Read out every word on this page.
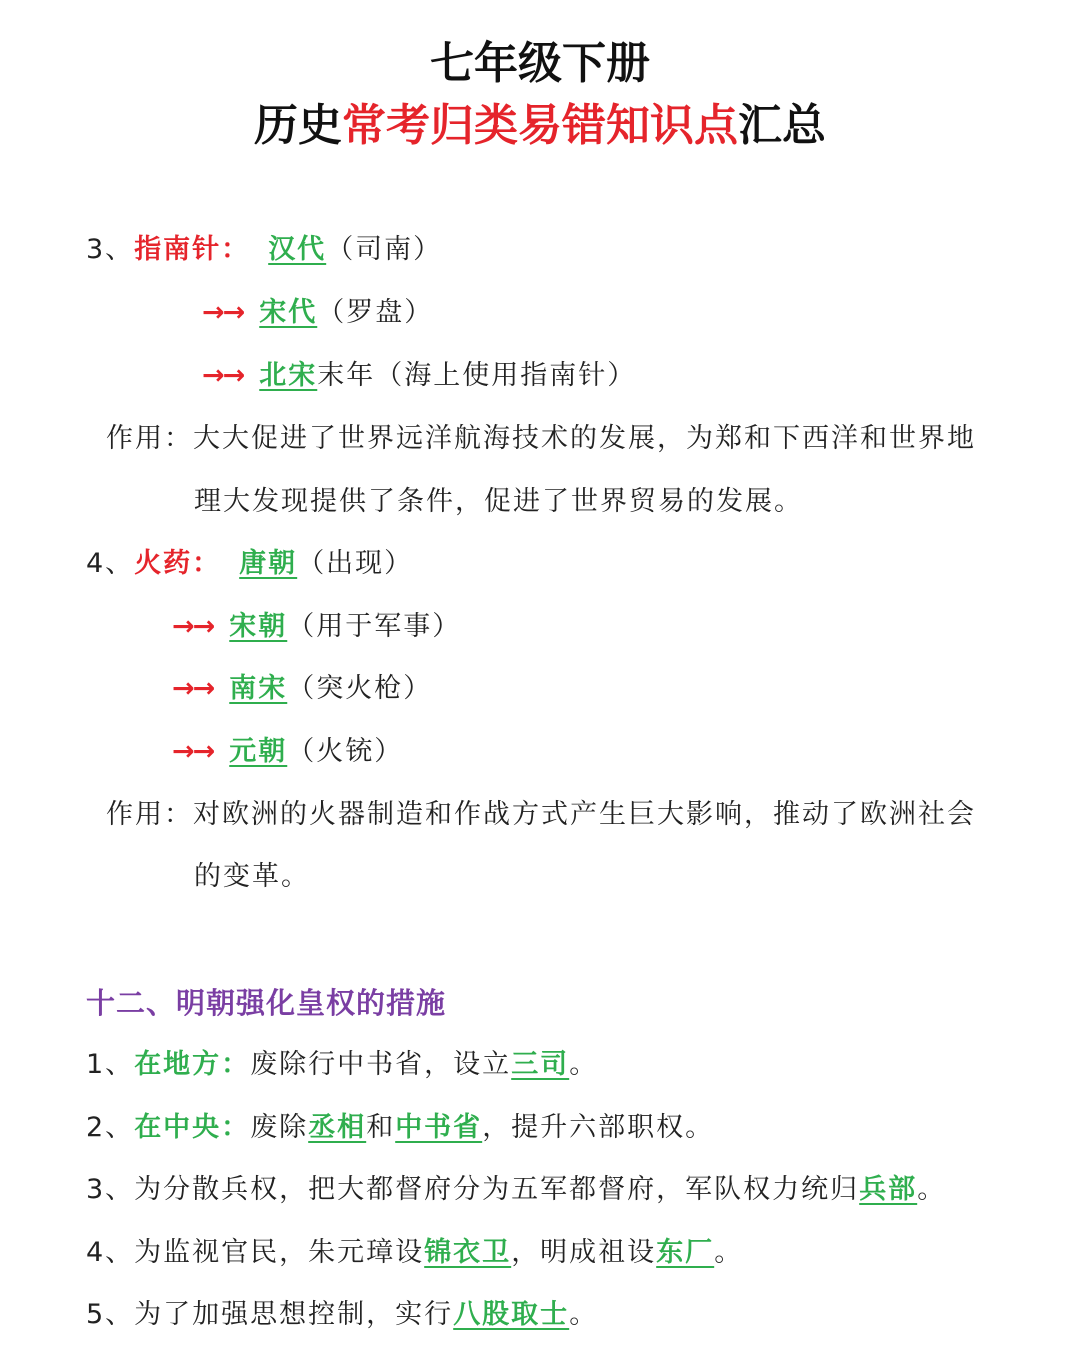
七年级下册
历史常考归类易错知识点汇总
3、指南针： 汉代（司南）
→→ 宋代（罗盘）
→→ 北宋末年（海上使用指南针）
作用：大大促进了世界远洋航海技术的发展，为郑和下西洋和世界地
理大发现提供了条件，促进了世界贸易的发展。
4、火药： 唐朝（出现）
→→ 宋朝（用于军事）
→→ 南宋（突火枪）
→→ 元朝（火铳）
作用：对欧洲的火器制造和作战方式产生巨大影响，推动了欧洲社会
的变革。
十二、明朝强化皇权的措施
1、在地方：废除行中书省，设立三司。
2、在中央：废除丞相和中书省，提升六部职权。
3、为分散兵权，把大都督府分为五军都督府，军队权力统归兵部。
4、为监视官民，朱元璋设锦衣卫，明成祖设东厂。
5、为了加强思想控制，实行八股取士。
